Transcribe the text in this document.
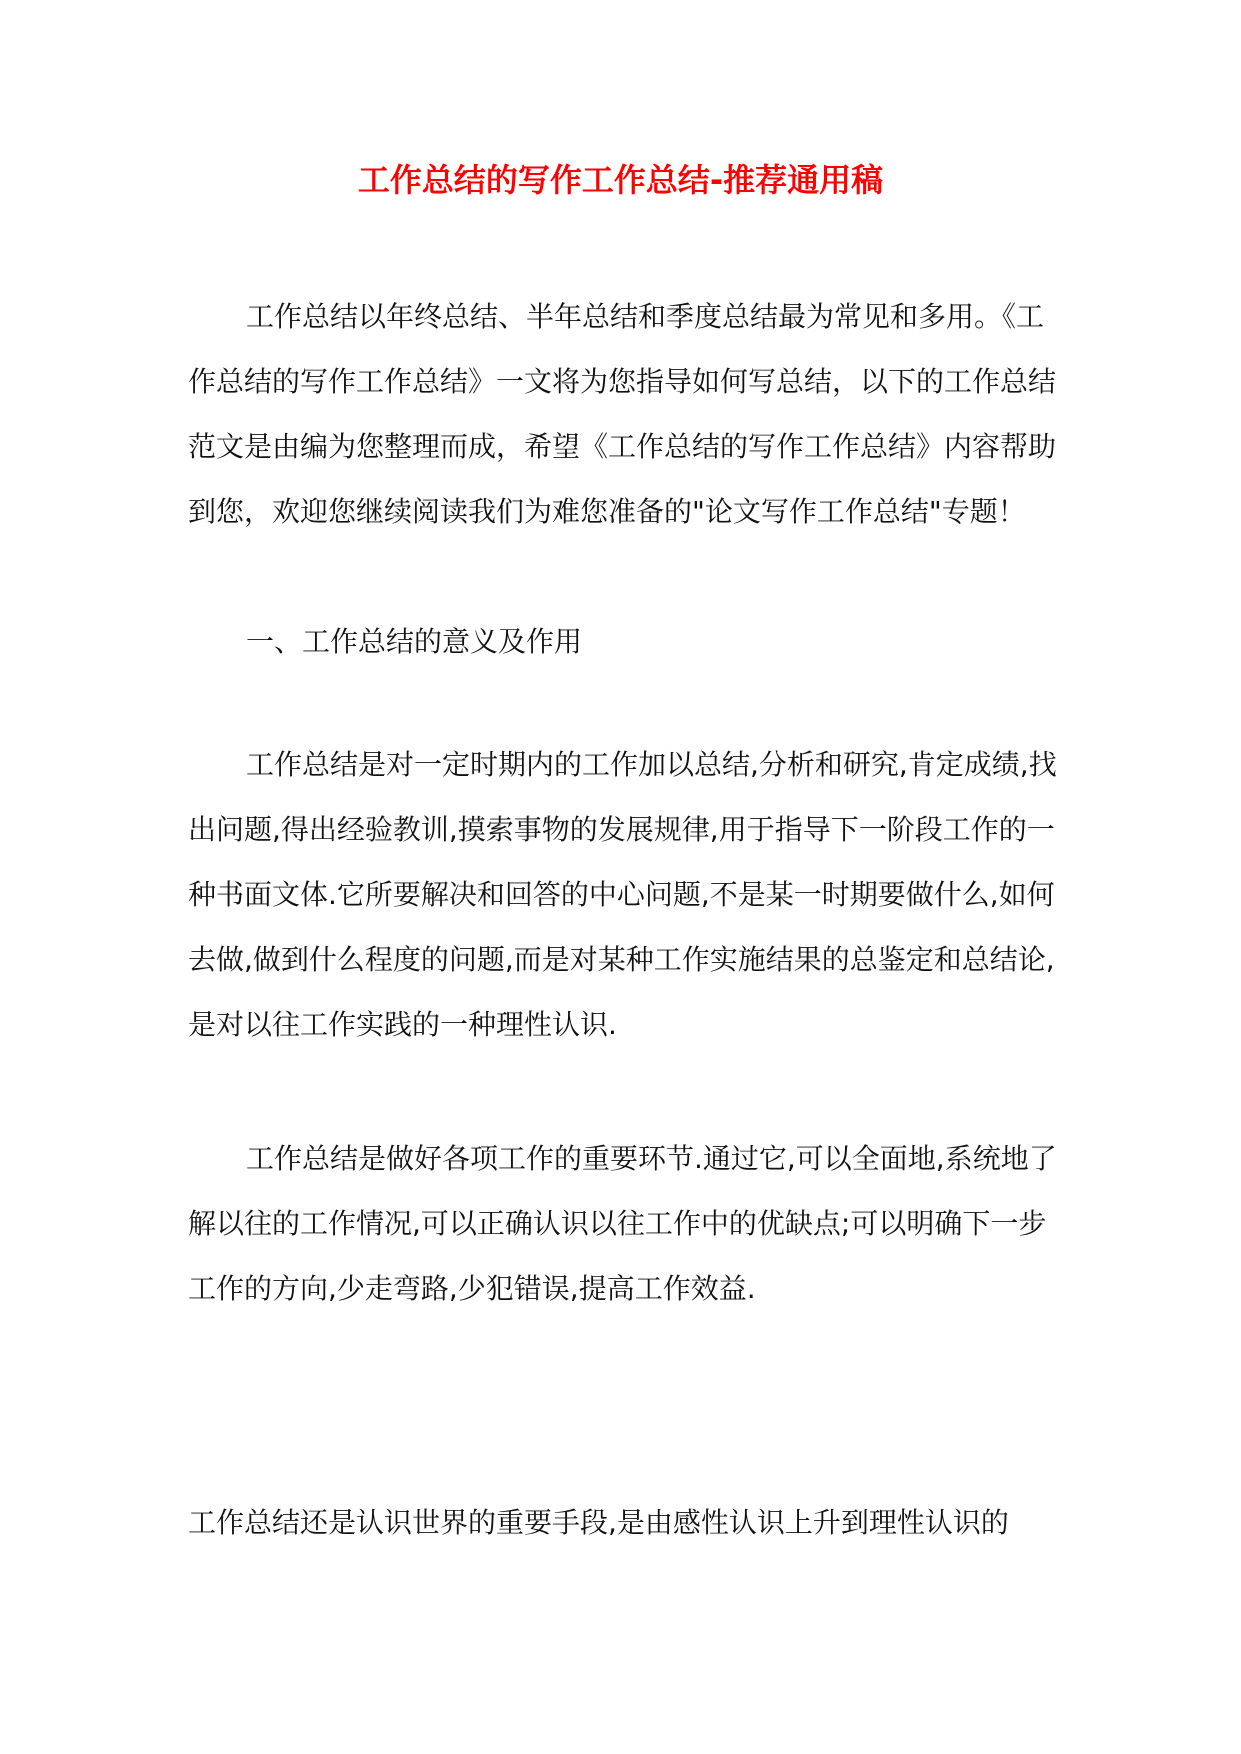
工作总结的写作工作总结-推荐通用稿

工作总结以年终总结、半年总结和季度总结最为常见和多用。《工作总结的写作工作总结》一文将为您指导如何写总结，以下的工作总结范文是由编为您整理而成，希望《工作总结的写作工作总结》内容帮助到您，欢迎您继续阅读我们为难您准备的"论文写作工作总结"专题！

一、工作总结的意义及作用

工作总结是对一定时期内的工作加以总结,分析和研究,肯定成绩,找出问题,得出经验教训,摸索事物的发展规律,用于指导下一阶段工作的一种书面文体.它所要解决和回答的中心问题,不是某一时期要做什么,如何去做,做到什么程度的问题,而是对某种工作实施结果的总鉴定和总结论,是对以往工作实践的一种理性认识.

工作总结是做好各项工作的重要环节.通过它,可以全面地,系统地了解以往的工作情况,可以正确认识以往工作中的优缺点;可以明确下一步工作的方向,少走弯路,少犯错误,提高工作效益.

工作总结还是认识世界的重要手段,是由感性认识上升到理性认识的
